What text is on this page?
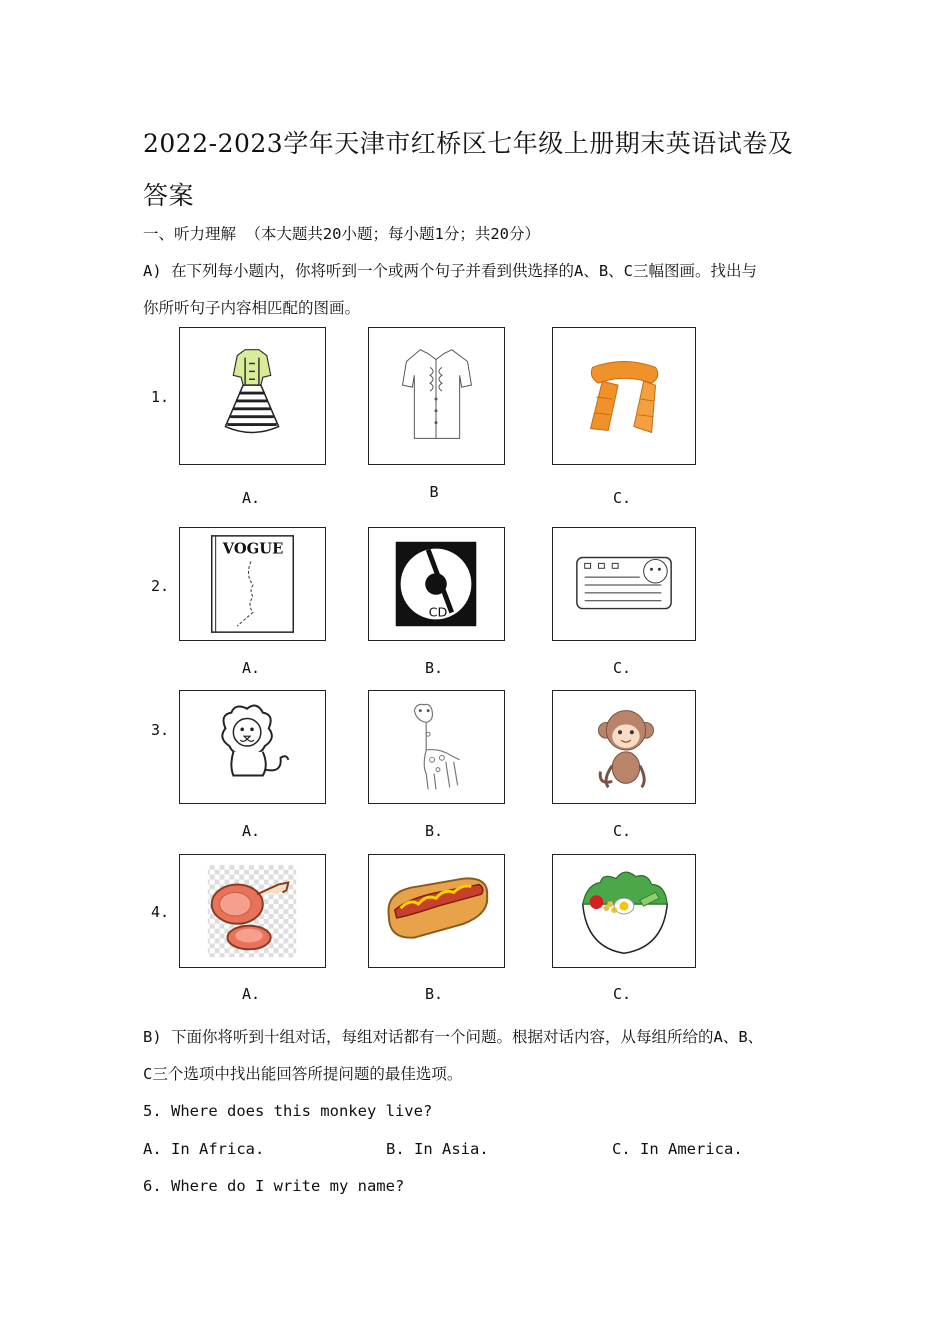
2022-2023学年天津市红桥区七年级上册期末英语试卷及答案
一、听力理解 （本大题共20小题；每小题1分；共20分）
A) 在下列每小题内，你将听到一个或两个句子并看到供选择的A、B、C三幅图画。找出与
你所听句子内容相匹配的图画。
1.
A.	B	C.
2.
VOGUE
CD
A.	B.	C.
3.
A.	B.	C.
4.
A.	B.	C.
B) 下面你将听到十组对话，每组对话都有一个问题。根据对话内容，从每组所给的A、B、
C三个选项中找出能回答所提问题的最佳选项。
5. Where does this monkey live?
A. In Africa.	B. In Asia.	C. In America.
6. Where do I write my name?
